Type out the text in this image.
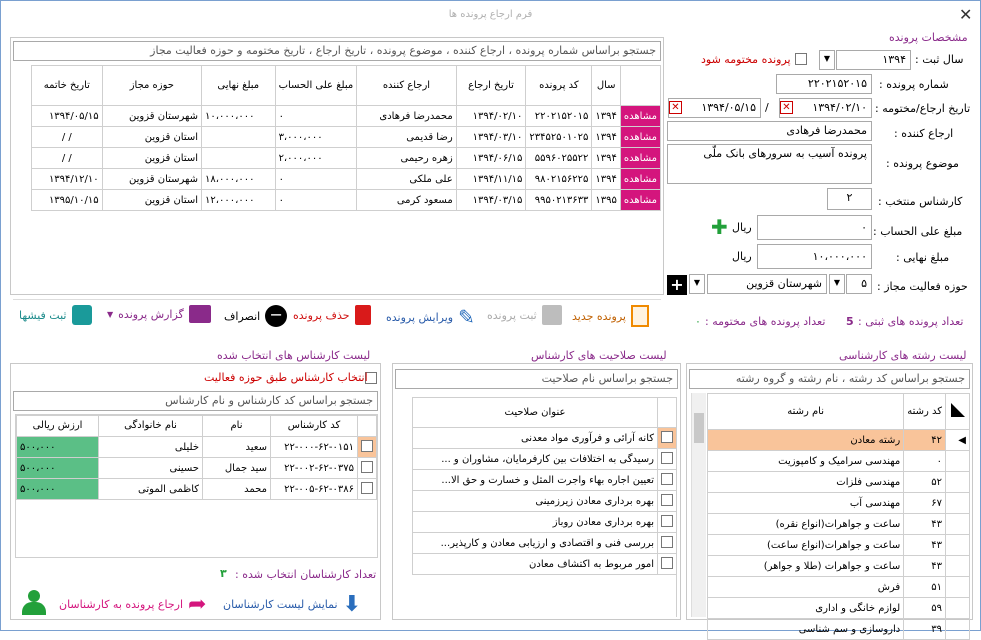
فرم ارجاع پرونده ها	✕
مشخصات پرونده
سال ثبت :
۱۳۹۴
▼
پرونده مختومه شود
شماره پرونده :
۲۲۰۲۱۵۲۰۱۵
تاریخ ارجاع/مختومه :
۱۳۹۴/۰۲/۱۰
✕
/
۱۳۹۴/۰۵/۱۵
✕
ارجاع کننده :
محمدرضا فرهادی
موضوع پرونده :
پرونده آسیب به سرورهای بانک ملّی
کارشناس منتخب :
۲
مبلغ علی الحساب :
۰
ریال
✚
مبلغ نهایی :
۱۰،۰۰۰،۰۰۰
ریال
حوزه فعالیت مجاز :
۵
▼
شهرستان قزوین
▼
+
تعداد پرونده های ثبتی :
5
تعداد پرونده های مختومه :
۰
جستجو براساس شماره پرونده ، ارجاع کننده ، موضوع پرونده ، تاریخ ارجاع ، تاریخ مختومه و حوزه فعالیت مجاز
	سال	کد پرونده	تاریخ ارجاع	ارجاع کننده	مبلغ علی الحساب	مبلغ نهایی	حوزه مجاز	تاریخ خاتمه
مشاهده	۱۳۹۴	۲۲۰۲۱۵۲۰۱۵	۱۳۹۴/۰۲/۱۰	محمدرضا فرهادی	۰	۱۰،۰۰۰،۰۰۰	شهرستان قزوین	۱۳۹۴/۰۵/۱۵
مشاهده	۱۳۹۴	۲۳۴۵۲۵۰۱۰۲۵	۱۳۹۴/۰۳/۱۰	رضا قدیمی	۳،۰۰۰،۰۰۰		استان قزوین	/ /
مشاهده	۱۳۹۴	۵۵۹۶۰۲۵۵۲۲	۱۳۹۴/۰۶/۱۵	زهره رحیمی	۲،۰۰۰،۰۰۰		استان قزوین	/ /
مشاهده	۱۳۹۴	۹۸۰۲۱۵۶۲۲۵	۱۳۹۴/۱۱/۱۵	علی ملکی	۰	۱۸،۰۰۰،۰۰۰	شهرستان قزوین	۱۳۹۴/۱۲/۱۰
مشاهده	۱۳۹۵	۹۹۵۰۲۱۳۶۳۳	۱۳۹۴/۰۳/۱۵	مسعود کرمی	۰	۱۲،۰۰۰،۰۰۰	استان قزوین	۱۳۹۵/۱۰/۱۵
پرونده جدید
ثبت پرونده
✎
ویرایش پرونده
حذف پرونده
−
انصراف
گزارش پرونده
▼
ثبت فیشها
لیست رشته های کارشناسی
جستجو براساس کد رشته ، نام رشته و گروه رشته
	کد رشته	نام رشته
◀	۴۲	رشته معادن
	۰	مهندسی سرامیک و کامپوزیت
	۵۲	مهندسی فلزات
	۶۷	مهندسی آب
	۴۳	ساعت و جواهرات(انواع نقره)
	۴۳	ساعت و جواهرات(انواع ساعت)
	۴۳	ساعت و جواهرات (طلا و جواهر)
	۵۱	فرش
	۵۹	لوازم خانگی و اداری
	۳۹	داروسازی و سم شناسی
لیست صلاحیت های کارشناس
جستجو براساس نام صلاحیت
	عنوان صلاحیت
	کانه آرائی و فرآوری مواد معدنی
	رسیدگی به اختلافات بین کارفرمایان، مشاوران و ...
	تعیین اجاره بهاء واجرت المثل و خسارت و حق الا...
	بهره برداری معادن زیرزمینی
	بهره برداری معادن روباز
	بررسی فنی و اقتصادی و ارزیابی معادن و کارپذیر...
	امور مربوط به اکتشاف معادن
لیست کارشناس های انتخاب شده
انتخاب کارشناس طبق حوزه فعالیت
جستجو براساس کد کارشناس و نام کارشناس
	کد کارشناس	نام	نام خانوادگی	ارزش ریالی
	۲۲-۰۰۰-۶۲-۰۱۵۱	سعید	خلیلی	۵۰۰،۰۰۰
	۲۲-۰۰۲-۶۲-۰۳۷۵	سید جمال	حسینی	۵۰۰،۰۰۰
	۲۲-۰۰۵-۶۲-۰۳۸۶	محمد	کاظمی الموتی	۵۰۰،۰۰۰
تعداد کارشناسان انتخاب شده :
۳
⬇
نمایش لیست کارشناسان
➦
ارجاع پرونده به کارشناسان
